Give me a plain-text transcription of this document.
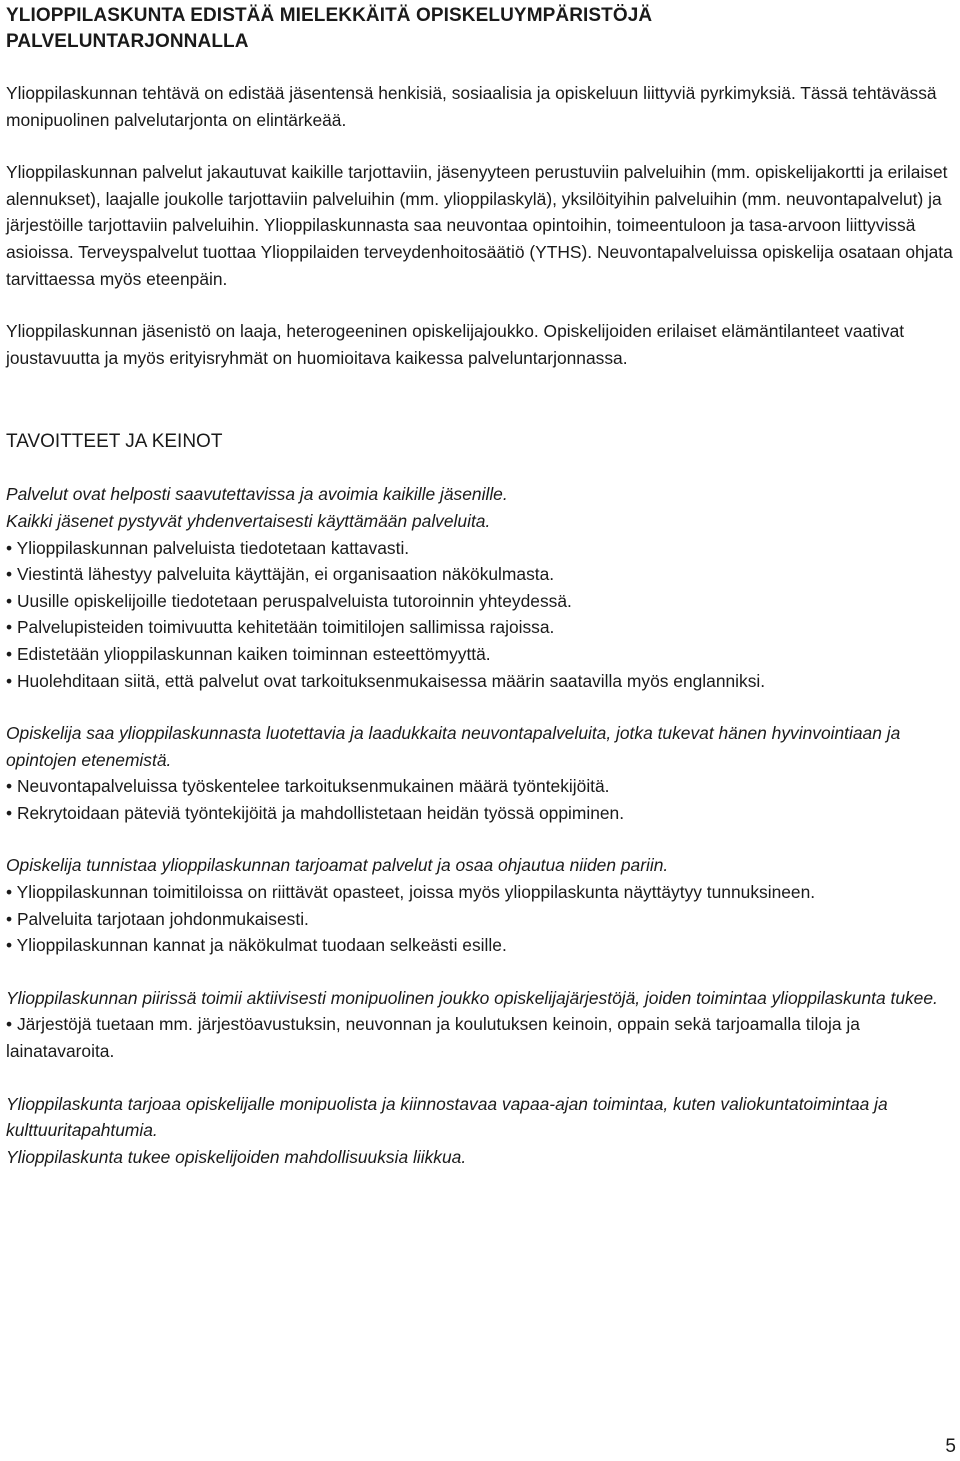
YLIOPPILASKUNTA EDISTÄÄ MIELEKKÄITÄ OPISKELUYMPÄRISTÖJÄ
PALVELUNTARJONNALLA

Ylioppilaskunnan tehtävä on edistää jäsentensä henkisiä, sosiaalisia ja opiskeluun liittyviä pyrkimyksiä. Tässä tehtävässä monipuolinen palvelutarjonta on elintärkeää.

Ylioppilaskunnan palvelut jakautuvat kaikille tarjottaviin, jäsenyyteen perustuviin palveluihin (mm. opiskelijakortti ja erilaiset alennukset), laajalle joukolle tarjottaviin palveluihin (mm. ylioppilaskylä), yksilöityihin palveluihin (mm. neuvontapalvelut) ja järjestöille tarjottaviin palveluihin. Ylioppilaskunnasta saa neuvontaa opintoihin, toimeentuloon ja tasa-arvoon liittyvissä asioissa. Terveyspalvelut tuottaa Ylioppilaiden terveydenhoitosäätiö (YTHS). Neuvontapalveluissa opiskelija osataan ohjata tarvittaessa myös eteenpäin.

Ylioppilaskunnan jäsenistö on laaja, heterogeeninen opiskelijajoukko. Opiskelijoiden erilaiset elämäntilanteet vaativat joustavuutta ja myös erityisryhmät on huomioitava kaikessa palveluntarjonnassa.

TAVOITTEET JA KEINOT

Palvelut ovat helposti saavutettavissa ja avoimia kaikille jäsenille.

Kaikki jäsenet pystyvät yhdenvertaisesti käyttämään palveluita.

• Ylioppilaskunnan palveluista tiedotetaan kattavasti.
• Viestintä lähestyy palveluita käyttäjän, ei organisaation näkökulmasta.
• Uusille opiskelijoille tiedotetaan peruspalveluista tutoroinnin yhteydessä.
• Palvelupisteiden toimivuutta kehitetään toimitilojen sallimissa rajoissa.
• Edistetään ylioppilaskunnan kaiken toiminnan esteettömyyttä.
• Huolehditaan siitä, että palvelut ovat tarkoituksenmukaisessa määrin saatavilla myös englanniksi.

Opiskelija saa ylioppilaskunnasta luotettavia ja laadukkaita neuvontapalveluita, jotka tukevat hänen hyvinvointiaan ja opintojen etenemistä.

• Neuvontapalveluissa työskentelee tarkoituksenmukainen määrä työntekijöitä.
• Rekrytoidaan päteviä työntekijöitä ja mahdollistetaan heidän työssä oppiminen.

Opiskelija tunnistaa ylioppilaskunnan tarjoamat palvelut ja osaa ohjautua niiden pariin.

• Ylioppilaskunnan toimitiloissa on riittävät opasteet, joissa myös ylioppilaskunta näyttäytyy tunnuksineen.
• Palveluita tarjotaan johdonmukaisesti.
• Ylioppilaskunnan kannat ja näkökulmat tuodaan selkeästi esille.

Ylioppilaskunnan piirissä toimii aktiivisesti monipuolinen joukko opiskelijajärjestöjä, joiden toimintaa ylioppilaskunta tukee.

• Järjestöjä tuetaan mm. järjestöavustuksin, neuvonnan ja koulutuksen keinoin, oppain sekä tarjoamalla tiloja ja lainatavaroita.

Ylioppilaskunta tarjoaa opiskelijalle monipuolista ja kiinnostavaa vapaa-ajan toimintaa, kuten valiokuntatoimintaa ja kulttuuritapahtumia.

Ylioppilaskunta tukee opiskelijoiden mahdollisuuksia liikkua.

5
